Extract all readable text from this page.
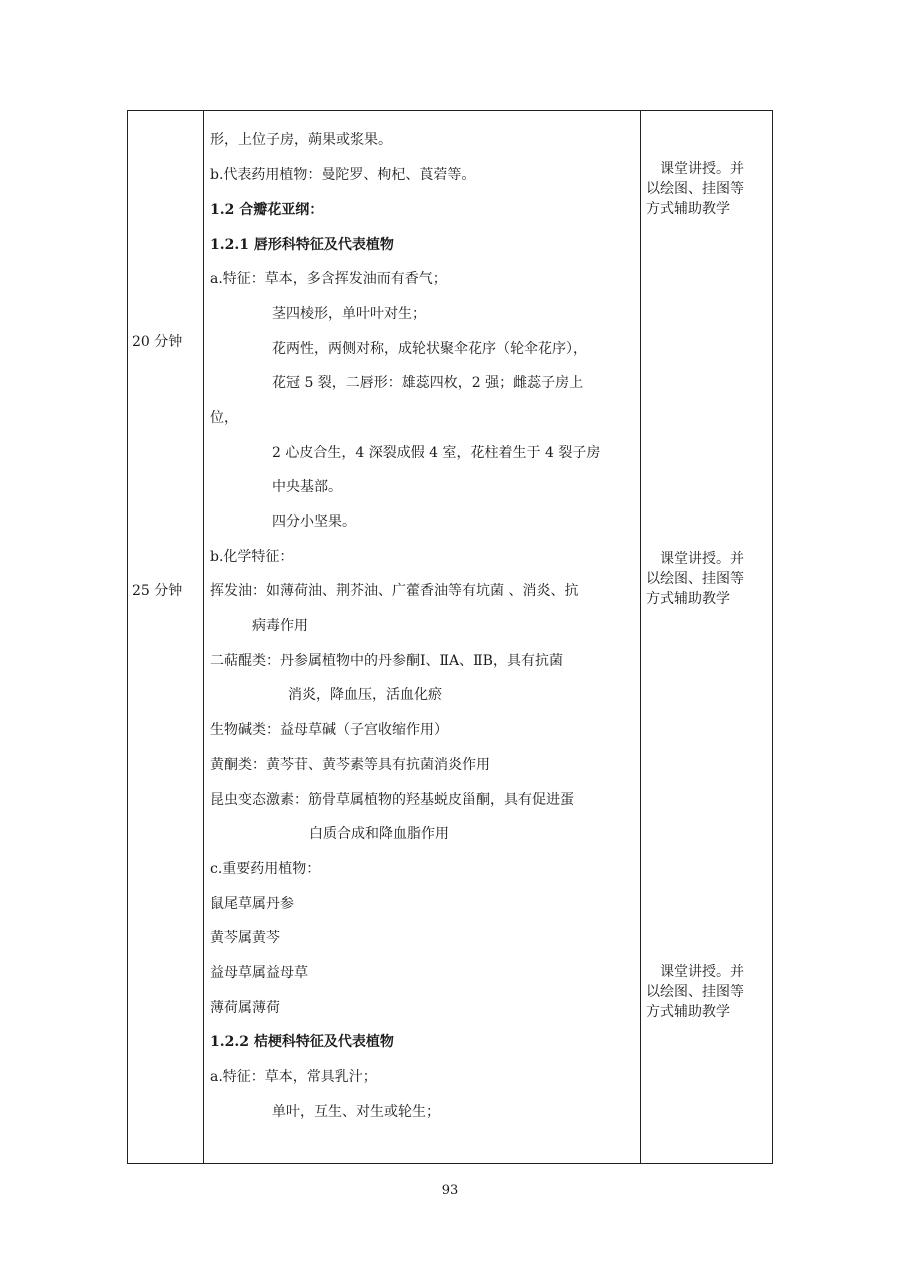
20 分钟
25 分钟
　课堂讲授。并
以绘图、挂图等
方式辅助教学
　课堂讲授。并
以绘图、挂图等
方式辅助教学
　课堂讲授。并
以绘图、挂图等
方式辅助教学
形，上位子房，蒴果或浆果。
b.代表药用植物：曼陀罗、枸杞、莨菪等。
1.2 合瓣花亚纲：
1.2.1 唇形科特征及代表植物
a.特征：草本，多含挥发油而有香气；
茎四棱形，单叶叶对生；
花两性，两侧对称，成轮状聚伞花序（轮伞花序），
花冠 5 裂，二唇形：雄蕊四枚，2 强；雌蕊子房上
位，
2 心皮合生，4 深裂成假 4 室，花柱着生于 4 裂子房
中央基部。
四分小坚果。
b.化学特征：
挥发油：如薄荷油、荆芥油、广藿香油等有坑菌 、消炎、抗
病毒作用
二萜醌类：丹参属植物中的丹参酮Ⅰ、ⅡA、ⅡB，具有抗菌
消炎，降血压，活血化瘀
生物碱类：益母草碱（子宫收缩作用）
黄酮类：黄芩苷、黄芩素等具有抗菌消炎作用
昆虫变态激素：筋骨草属植物的羟基蜕皮甾酮，具有促进蛋
白质合成和降血脂作用
c.重要药用植物：
鼠尾草属丹参
黄芩属黄芩
益母草属益母草
薄荷属薄荷
1.2.2 桔梗科特征及代表植物
a.特征：草本，常具乳汁；
单叶，互生、对生或轮生；
93
